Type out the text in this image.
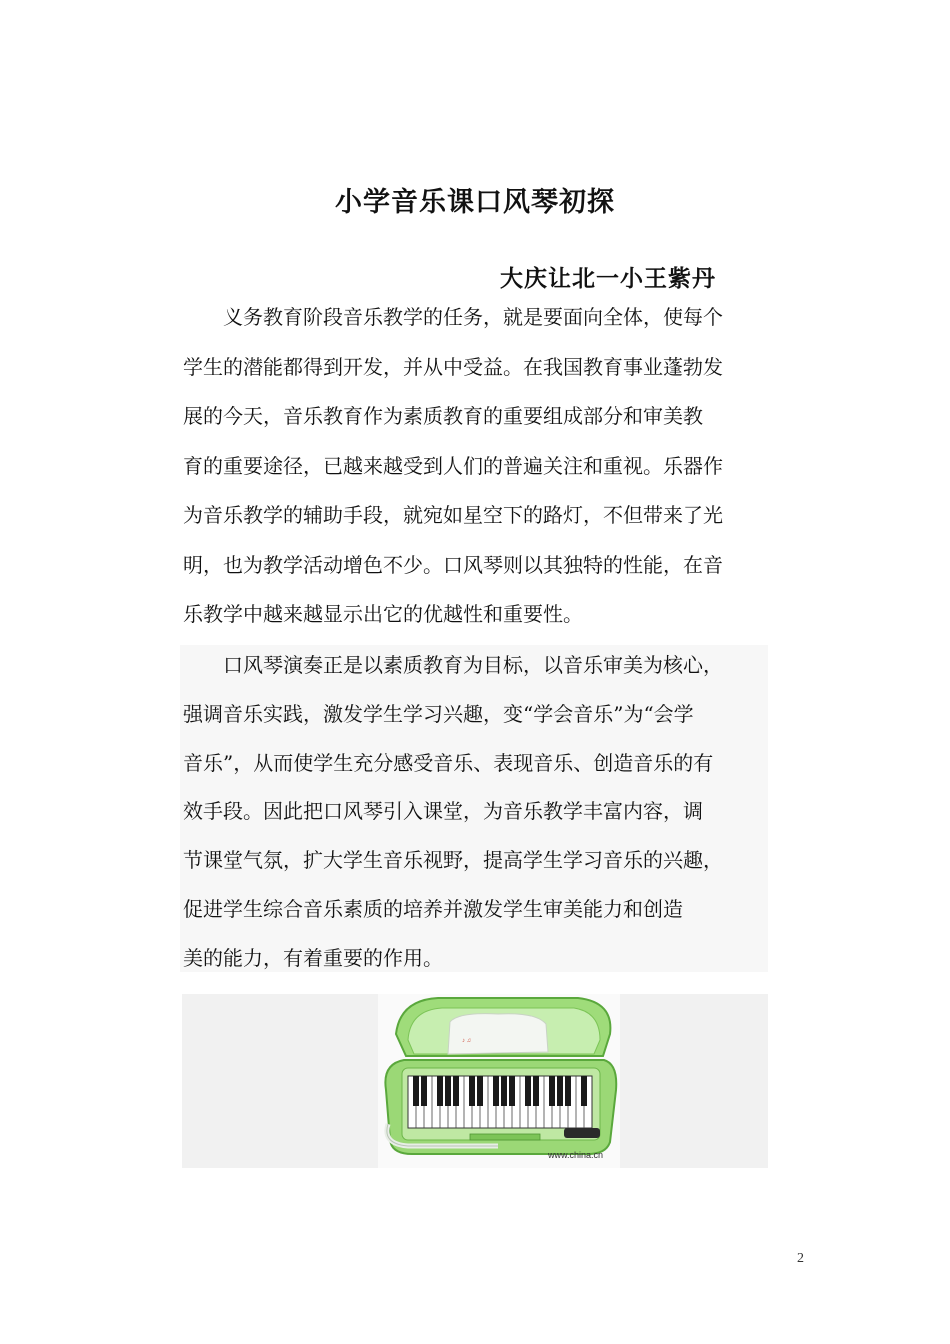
小学音乐课口风琴初探
大庆让北一小王紫丹
　　义务教育阶段音乐教学的任务，就是要面向全体，使每个
学生的潜能都得到开发，并从中受益。在我国教育事业蓬勃发
展的今天，音乐教育作为素质教育的重要组成部分和审美教
育的重要途径，已越来越受到人们的普遍关注和重视。乐器作
为音乐教学的辅助手段，就宛如星空下的路灯，不但带来了光
明，也为教学活动增色不少。口风琴则以其独特的性能，在音
乐教学中越来越显示出它的优越性和重要性。
　　口风琴演奏正是以素质教育为目标，以音乐审美为核心，
强调音乐实践，激发学生学习兴趣，变“学会音乐”为“会学
音乐”，从而使学生充分感受音乐、表现音乐、创造音乐的有
效手段。因此把口风琴引入课堂，为音乐教学丰富内容，调
节课堂气氛，扩大学生音乐视野，提高学生学习音乐的兴趣，
促进学生综合音乐素质的培养并激发学生审美能力和创造
美的能力，有着重要的作用。
♪ ♫
www.china.cn
2
